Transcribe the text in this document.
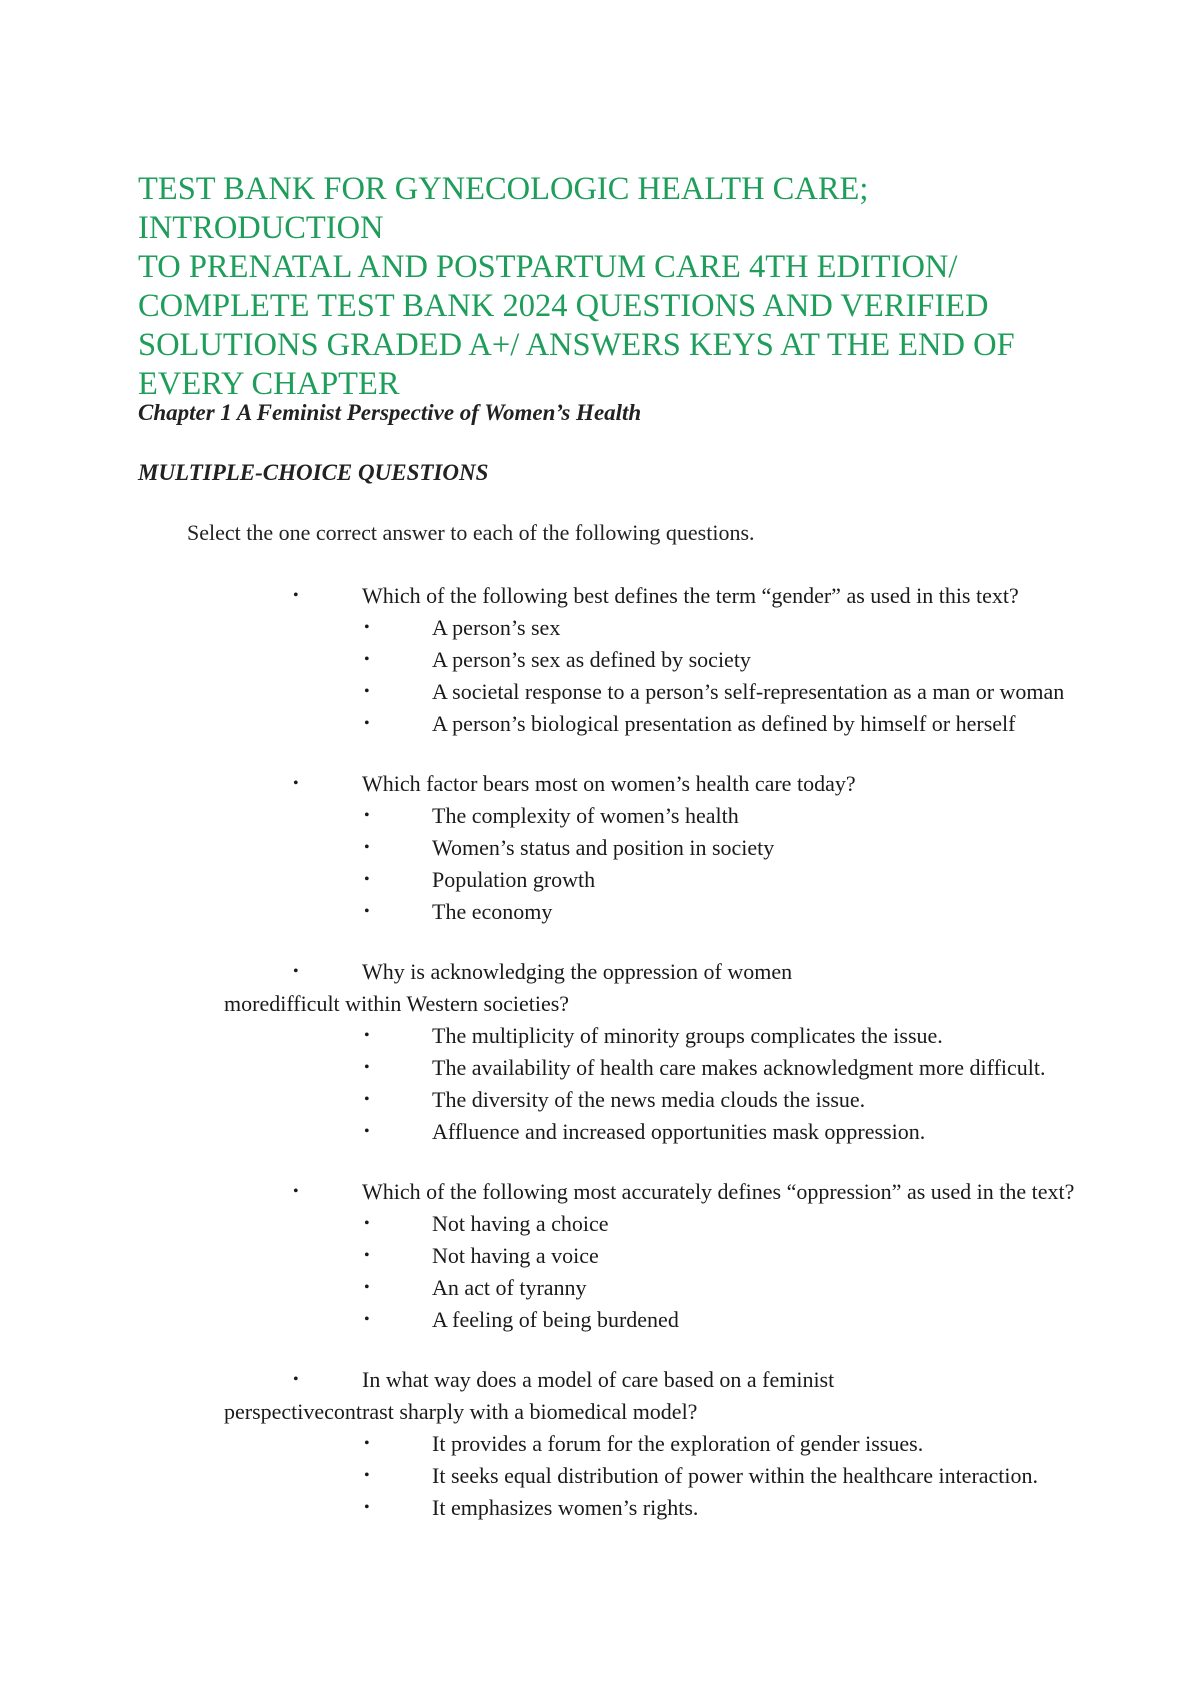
TEST BANK FOR GYNECOLOGIC HEALTH CARE; INTRODUCTION
TO PRENATAL AND POSTPARTUM CARE 4TH EDITION/
COMPLETE TEST BANK 2024 QUESTIONS AND VERIFIED
SOLUTIONS GRADED A+/ ANSWERS KEYS AT THE END OF
EVERY CHAPTER
Chapter 1 A Feminist Perspective of Women’s Health
MULTIPLE-CHOICE QUESTIONS

Select the one correct answer to each of the following questions.

•	Which of the following best defines the term “gender” as used in this text?
•	A person’s sex
•	A person’s sex as defined by society
•	A societal response to a person’s self-representation as a man or woman
•	A person’s biological presentation as defined by himself or herself
•	Which factor bears most on women’s health care today?
•	The complexity of women’s health
•	Women’s status and position in society
•	Population growth
•	The economy
•	Why is acknowledging the oppression of women
moredifficult within Western societies?
•	The multiplicity of minority groups complicates the issue.
•	The availability of health care makes acknowledgment more difficult.
•	The diversity of the news media clouds the issue.
•	Affluence and increased opportunities mask oppression.
•	Which of the following most accurately defines “oppression” as used in the text?
•	Not having a choice
•	Not having a voice
•	An act of tyranny
•	A feeling of being burdened
•	In what way does a model of care based on a feminist
perspectivecontrast sharply with a biomedical model?
•	It provides a forum for the exploration of gender issues.
•	It seeks equal distribution of power within the healthcare interaction.
•	It emphasizes women’s rights.
